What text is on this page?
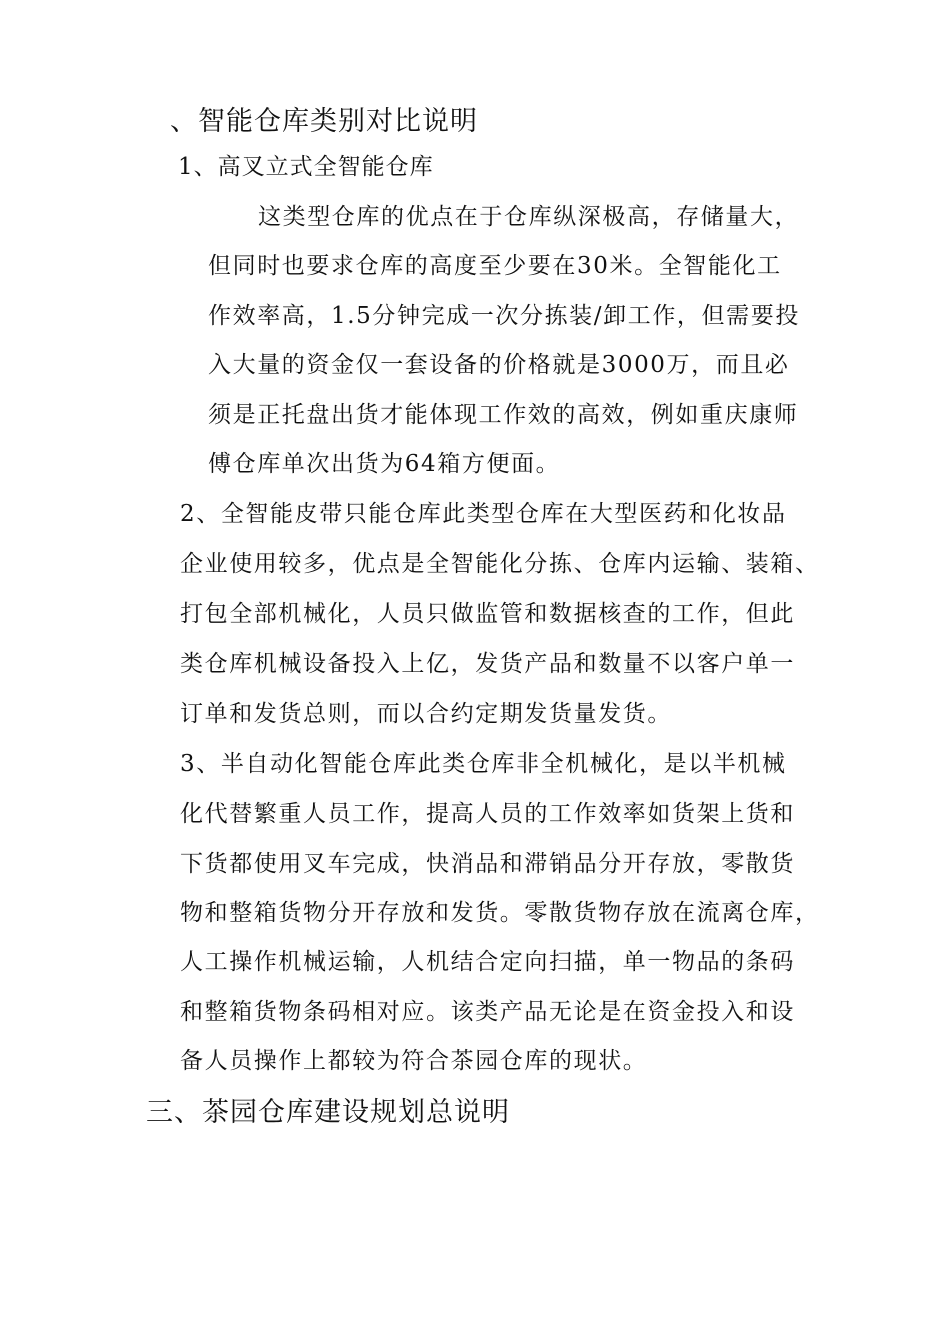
、智能仓库类别对比说明
1、高叉立式全智能仓库
这类型仓库的优点在于仓库纵深极高，存储量大，
但同时也要求仓库的高度至少要在30米。全智能化工
作效率高，1.5分钟完成一次分拣装/卸工作，但需要投
入大量的资金仅一套设备的价格就是3000万，而且必
须是正托盘出货才能体现工作效的高效，例如重庆康师
傅仓库单次出货为64箱方便面。
2、全智能皮带只能仓库此类型仓库在大型医药和化妆品
企业使用较多，优点是全智能化分拣、仓库内运输、装箱、
打包全部机械化，人员只做监管和数据核查的工作，但此
类仓库机械设备投入上亿，发货产品和数量不以客户单一
订单和发货总则，而以合约定期发货量发货。
3、半自动化智能仓库此类仓库非全机械化，是以半机械
化代替繁重人员工作，提高人员的工作效率如货架上货和
下货都使用叉车完成，快消品和滞销品分开存放，零散货
物和整箱货物分开存放和发货。零散货物存放在流离仓库，
人工操作机械运输，人机结合定向扫描，单一物品的条码
和整箱货物条码相对应。该类产品无论是在资金投入和设
备人员操作上都较为符合茶园仓库的现状。
三、茶园仓库建设规划总说明
